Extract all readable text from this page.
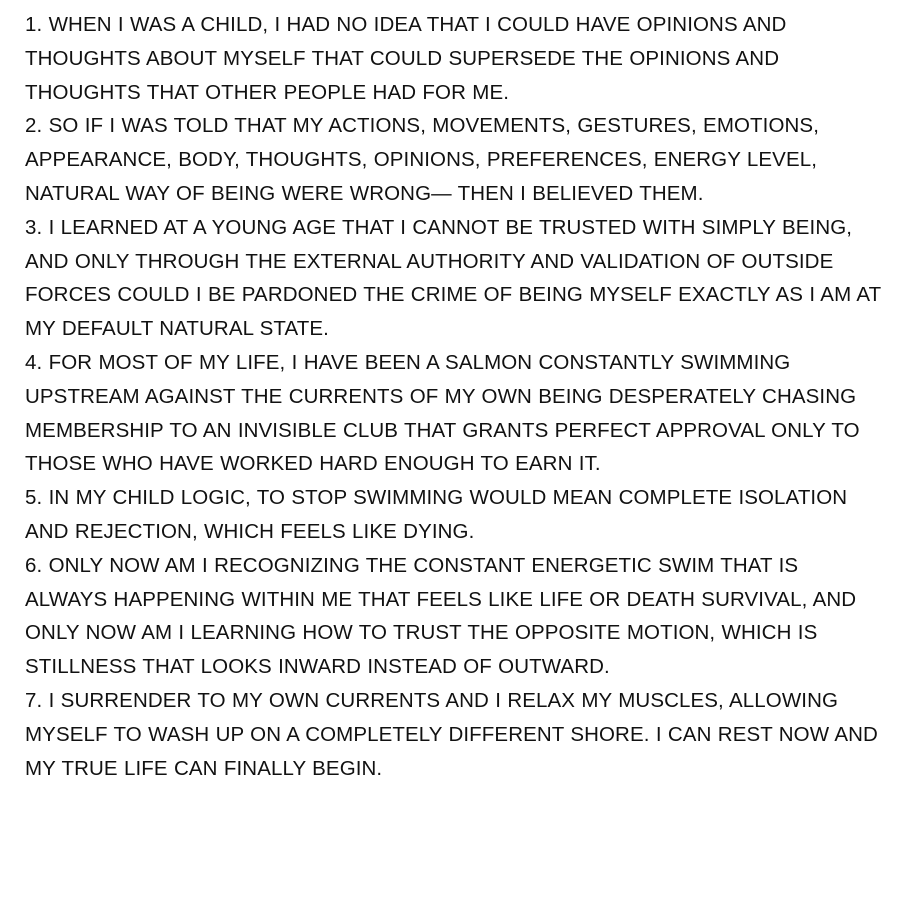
1. WHEN I WAS A CHILD, I HAD NO IDEA THAT I COULD HAVE OPINIONS AND THOUGHTS ABOUT MYSELF THAT COULD SUPERSEDE THE OPINIONS AND THOUGHTS THAT OTHER PEOPLE HAD FOR ME.

2. SO IF I WAS TOLD THAT MY ACTIONS, MOVEMENTS, GESTURES, EMOTIONS, APPEARANCE, BODY, THOUGHTS, OPINIONS, PREFERENCES, ENERGY LEVEL, NATURAL WAY OF BEING WERE WRONG— THEN I BELIEVED THEM.

3. I LEARNED AT A YOUNG AGE THAT I CANNOT BE TRUSTED WITH SIMPLY BEING, AND ONLY THROUGH THE EXTERNAL AUTHORITY AND VALIDATION OF OUTSIDE FORCES COULD I BE PARDONED THE CRIME OF BEING MYSELF EXACTLY AS I AM AT MY DEFAULT NATURAL STATE.

4. FOR MOST OF MY LIFE, I HAVE BEEN A SALMON CONSTANTLY SWIMMING UPSTREAM AGAINST THE CURRENTS OF MY OWN BEING DESPERATELY CHASING MEMBERSHIP TO AN INVISIBLE CLUB THAT GRANTS PERFECT APPROVAL ONLY TO THOSE WHO HAVE WORKED HARD ENOUGH TO EARN IT.

5. IN MY CHILD LOGIC, TO STOP SWIMMING WOULD MEAN COMPLETE ISOLATION AND REJECTION, WHICH FEELS LIKE DYING.

6. ONLY NOW AM I RECOGNIZING THE CONSTANT ENERGETIC SWIM THAT IS ALWAYS HAPPENING WITHIN ME THAT FEELS LIKE LIFE OR DEATH SURVIVAL, AND ONLY NOW AM I LEARNING HOW TO TRUST THE OPPOSITE MOTION, WHICH IS STILLNESS THAT LOOKS INWARD INSTEAD OF OUTWARD.

7. I SURRENDER TO MY OWN CURRENTS AND I RELAX MY MUSCLES, ALLOWING MYSELF TO WASH UP ON A COMPLETELY DIFFERENT SHORE. I CAN REST NOW AND MY TRUE LIFE CAN FINALLY BEGIN.
